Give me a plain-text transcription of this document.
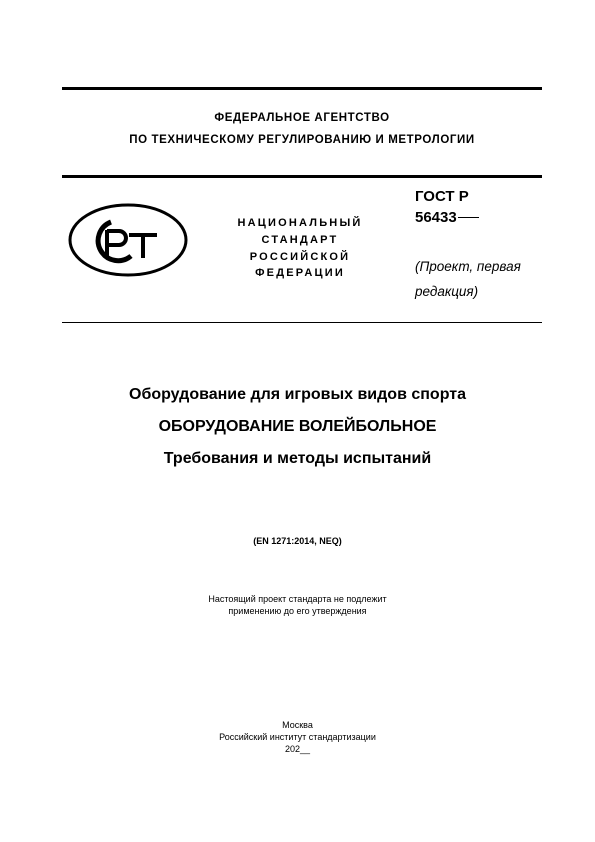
ФЕДЕРАЛЬНОЕ АГЕНТСТВО
ПО ТЕХНИЧЕСКОМУ РЕГУЛИРОВАНИЮ И МЕТРОЛОГИИ
НАЦИОНАЛЬНЫЙ
СТАНДАРТ
РОССИЙСКОЙ
ФЕДЕРАЦИИ
ГОСТ Р
56433
(Проект, первая
редакция)
Оборудование для игровых видов спорта
ОБОРУДОВАНИЕ ВОЛЕЙБОЛЬНОЕ
Требования и методы испытаний
(EN 1271:2014, NEQ)
Настоящий проект стандарта не подлежит
применению до его утверждения
Москва
Российский институт стандартизации
202__
